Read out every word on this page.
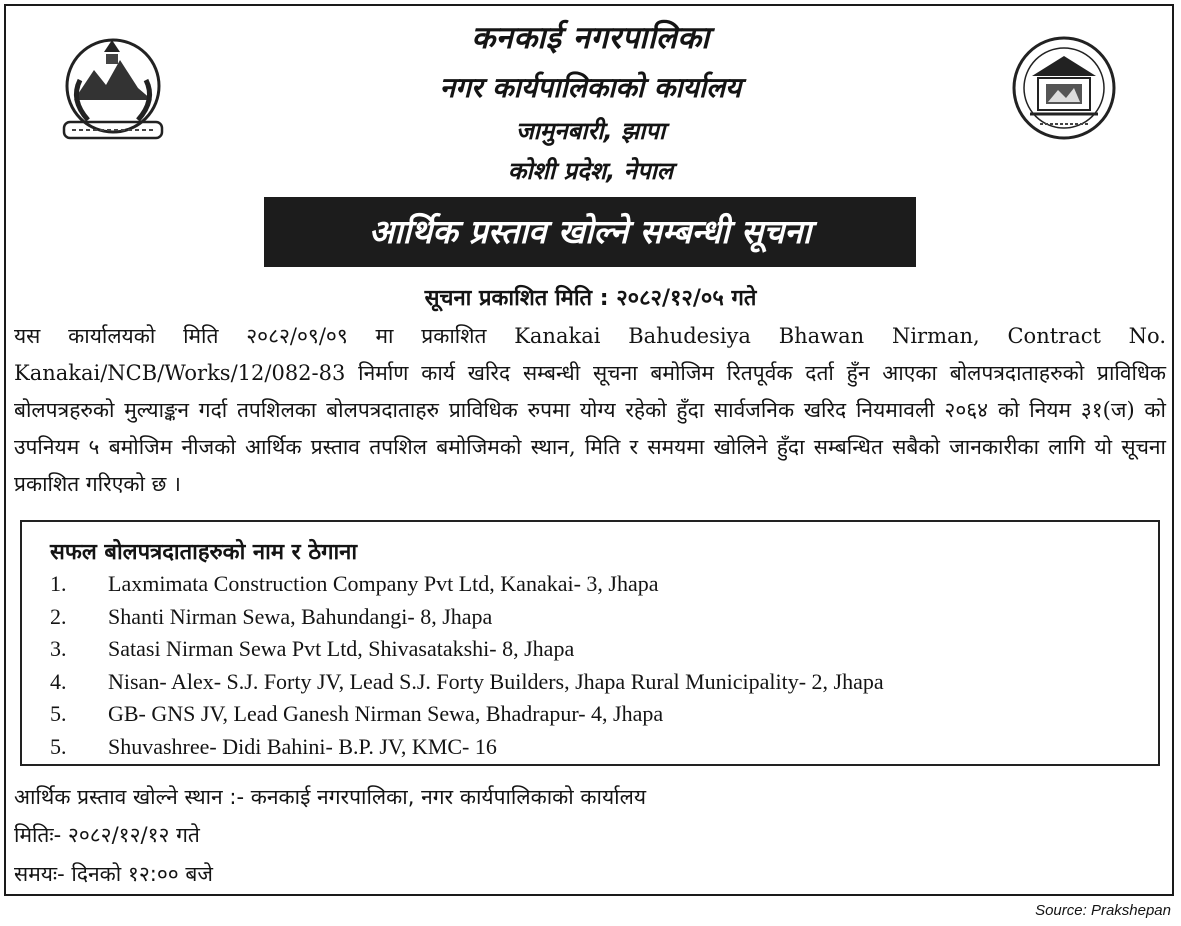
कनकाई नगरपालिका
नगर कार्यपालिकाको कार्यालय
जामुनबारी, झापा
कोशी प्रदेश, नेपाल
आर्थिक प्रस्ताव खोल्ने सम्बन्धी सूचना
सूचना प्रकाशित मिति : २०८२/१२/०५ गते

यस कार्यालयको मिति २०८२/०९/०९ मा प्रकाशित Kanakai Bahudesiya Bhawan Nirman, Contract No. Kanakai/NCB/Works/12/082-83 निर्माण कार्य खरिद सम्बन्धी सूचना बमोजिम रितपूर्वक दर्ता हुँन आएका बोलपत्रदाताहरुको प्राविधिक बोलपत्रहरुको मुल्याङ्कन गर्दा तपशिलका बोलपत्रदाताहरु प्राविधिक रुपमा योग्य रहेको हुँदा सार्वजनिक खरिद नियमावली २०६४ को नियम ३१(ज) को उपनियम ५ बमोजिम नीजको आर्थिक प्रस्ताव तपशिल बमोजिमको स्थान, मिति र समयमा खोलिने हुँदा सम्बन्धित सबैको जानकारीका लागि यो सूचना प्रकाशित गरिएको छ ।

सफल बोलपत्रदाताहरुको नाम र ठेगाना
1.	Laxmimata Construction Company Pvt Ltd, Kanakai- 3, Jhapa
2.	Shanti Nirman Sewa, Bahundangi- 8, Jhapa
3.	Satasi Nirman Sewa Pvt Ltd, Shivasatakshi- 8, Jhapa
4.	Nisan- Alex- S.J. Forty JV, Lead S.J. Forty Builders, Jhapa Rural Municipality- 2, Jhapa
5.	GB- GNS JV, Lead Ganesh Nirman Sewa, Bhadrapur- 4, Jhapa
5.	Shuvashree- Didi Bahini- B.P. JV, KMC- 16
आर्थिक प्रस्ताव खोल्ने स्थान :- कनकाई नगरपालिका, नगर कार्यपालिकाको कार्यालय
मितिः- २०८२/१२/१२ गते
समयः- दिनको १२:०० बजे
Source: Prakshepan
